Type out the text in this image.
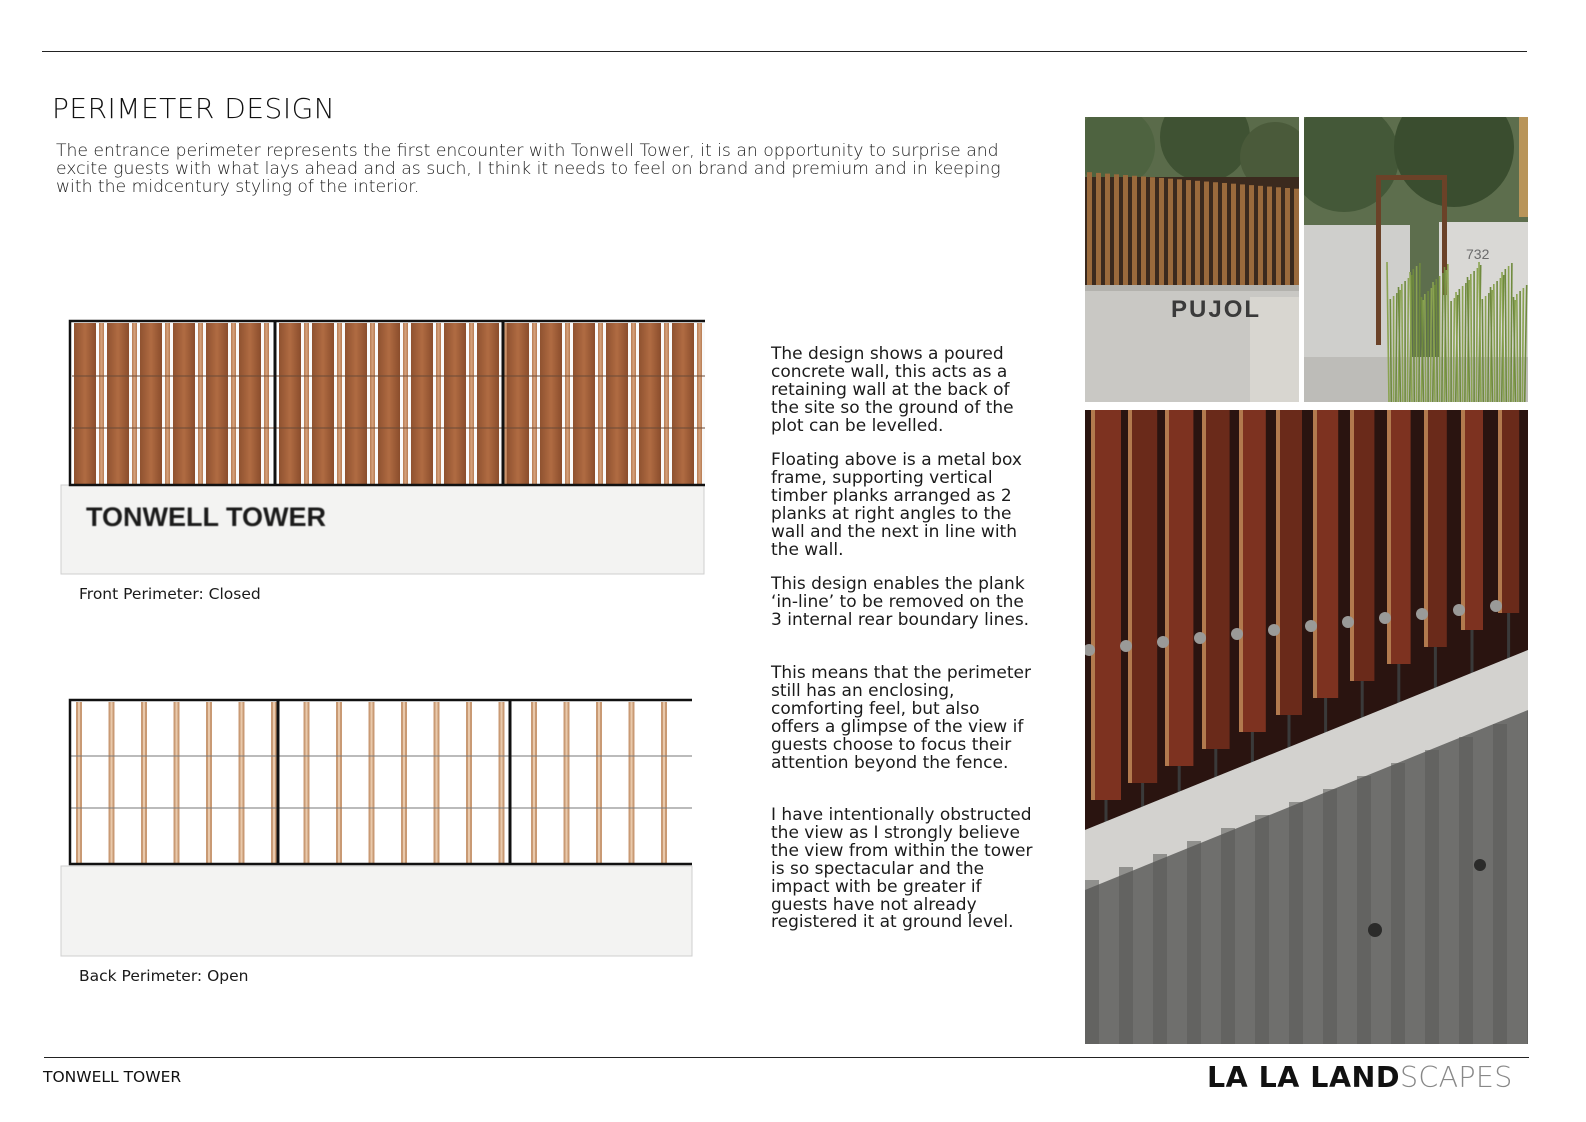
PERIMETER DESIGN
The entrance perimeter represents the first encounter with Tonwell Tower, it is an opportunity to surprise and excite guests with what lays ahead and as such, I think it needs to feel on brand and premium and in keeping with the midcentury styling of the interior.
TONWELL TOWER
Front Perimeter: Closed
Back Perimeter: Open
The design shows a poured concrete wall, this acts as a retaining wall at the back of the site so the ground of the plot can be levelled.
Floating above is a metal box frame, supporting vertical timber planks arranged as 2 planks at right angles to the wall and the next in line with the wall.
This design enables the plank ‘in-line’ to be removed on the 3 internal rear boundary lines.
This means that the perimeter still has an enclosing, comforting feel, but also offers a glimpse of the view if guests choose to focus their attention beyond the fence.
I have intentionally obstructed the view as I strongly believe the view from within the tower is so spectacular and the impact with be greater if guests have not already registered it at ground level.
PUJOL
732
TONWELL TOWER	LA LA LANDSCAPES
